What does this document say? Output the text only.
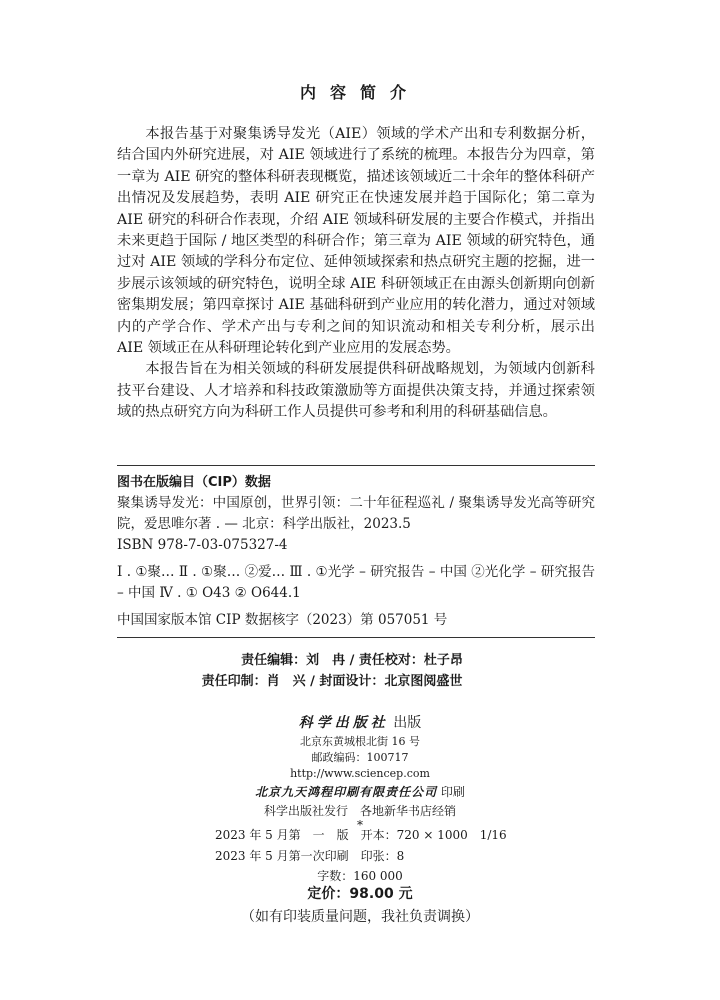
内容简介

本报告基于对聚集诱导发光（AIE）领域的学术产出和专利数据分析，结合国内外研究进展，对 AIE 领域进行了系统的梳理。本报告分为四章，第一章为 AIE 研究的整体科研表现概览，描述该领域近二十余年的整体科研产出情况及发展趋势，表明 AIE 研究正在快速发展并趋于国际化；第二章为 AIE 研究的科研合作表现，介绍 AIE 领域科研发展的主要合作模式，并指出未来更趋于国际 / 地区类型的科研合作；第三章为 AIE 领域的研究特色，通过对 AIE 领域的学科分布定位、延伸领域探索和热点研究主题的挖掘，进一步展示该领域的研究特色，说明全球 AIE 科研领域正在由源头创新期向创新密集期发展；第四章探讨 AIE 基础科研到产业应用的转化潜力，通过对领域内的产学合作、学术产出与专利之间的知识流动和相关专利分析，展示出 AIE 领域正在从科研理论转化到产业应用的发展态势。

本报告旨在为相关领域的科研发展提供科研战略规划，为领域内创新科技平台建设、人才培养和科技政策激励等方面提供决策支持，并通过探索领域的热点研究方向为科研工作人员提供可参考和利用的科研基础信息。

图书在版编目（CIP）数据

聚集诱导发光：中国原创，世界引领：二十年征程巡礼 / 聚集诱导发光高等研究院，爱思唯尔著 . — 北京：科学出版社，2023.5

ISBN 978-7-03-075327-4

Ⅰ . ①聚… Ⅱ . ①聚… ②爱… Ⅲ . ①光学 – 研究报告 – 中国 ②光化学 – 研究报告 – 中国 Ⅳ . ① O43 ② O644.1

中国国家版本馆 CIP 数据核字（2023）第 057051 号

责任编辑：刘　冉 / 责任校对：杜子昂
责任印制：肖　兴 / 封面设计：北京图阅盛世
科学出版社 出版
北京东黄城根北街 16 号
邮政编码：100717
http://www.sciencep.com
北京九天鸿程印刷有限责任公司 印刷
科学出版社发行　各地新华书店经销
*
2023 年 5 月第　一　版　开本：720 × 1000　1/16
2023 年 5 月第一次印刷　印张：8
字数：160 000
定价：98.00 元
（如有印装质量问题，我社负责调换）
